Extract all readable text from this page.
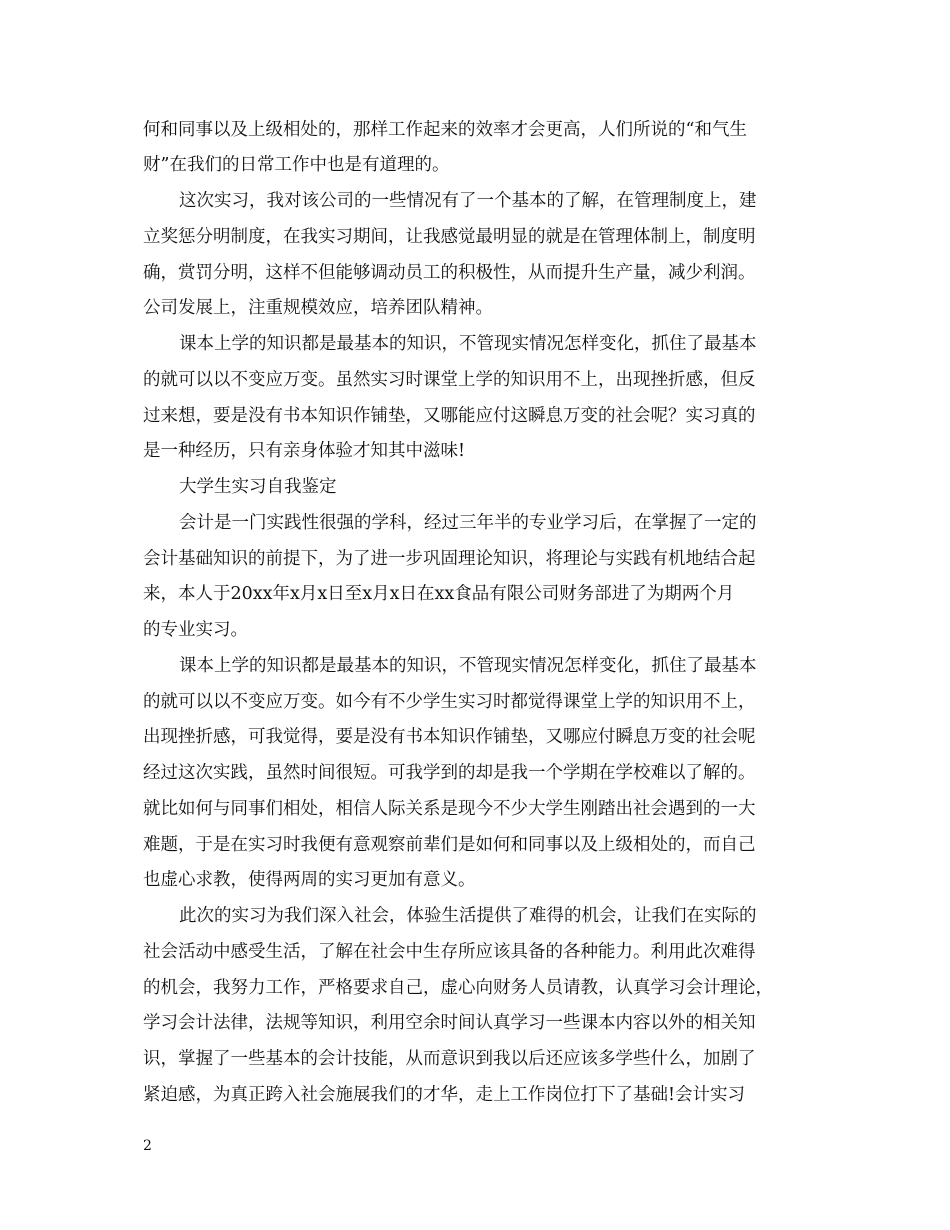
何和同事以及上级相处的，那样工作起来的效率才会更高，人们所说的“和气生
财”在我们的日常工作中也是有道理的。
这次实习，我对该公司的一些情况有了一个基本的了解，在管理制度上，建
立奖惩分明制度，在我实习期间，让我感觉最明显的就是在管理体制上，制度明
确，赏罚分明，这样不但能够调动员工的积极性，从而提升生产量，减少利润。
公司发展上，注重规模效应，培养团队精神。
课本上学的知识都是最基本的知识，不管现实情况怎样变化，抓住了最基本
的就可以以不变应万变。虽然实习时课堂上学的知识用不上，出现挫折感，但反
过来想，要是没有书本知识作铺垫，又哪能应付这瞬息万变的社会呢？实习真的
是一种经历，只有亲身体验才知其中滋味!
大学生实习自我鉴定
会计是一门实践性很强的学科，经过三年半的专业学习后，在掌握了一定的
会计基础知识的前提下，为了进一步巩固理论知识，将理论与实践有机地结合起
来，本人于20xx年x月x日至x月x日在xx食品有限公司财务部进了为期两个月
的专业实习。
课本上学的知识都是最基本的知识，不管现实情况怎样变化，抓住了最基本
的就可以以不变应万变。如今有不少学生实习时都觉得课堂上学的知识用不上，
出现挫折感，可我觉得，要是没有书本知识作铺垫，又哪应付瞬息万变的社会呢
经过这次实践，虽然时间很短。可我学到的却是我一个学期在学校难以了解的。
就比如何与同事们相处，相信人际关系是现今不少大学生刚踏出社会遇到的一大
难题，于是在实习时我便有意观察前辈们是如何和同事以及上级相处的，而自己
也虚心求教，使得两周的实习更加有意义。
此次的实习为我们深入社会，体验生活提供了难得的机会，让我们在实际的
社会活动中感受生活，了解在社会中生存所应该具备的各种能力。利用此次难得
的机会，我努力工作，严格要求自己，虚心向财务人员请教，认真学习会计理论，
学习会计法律，法规等知识，利用空余时间认真学习一些课本内容以外的相关知
识，掌握了一些基本的会计技能，从而意识到我以后还应该多学些什么，加剧了
紧迫感，为真正跨入社会施展我们的才华，走上工作岗位打下了基础!会计实习
2
